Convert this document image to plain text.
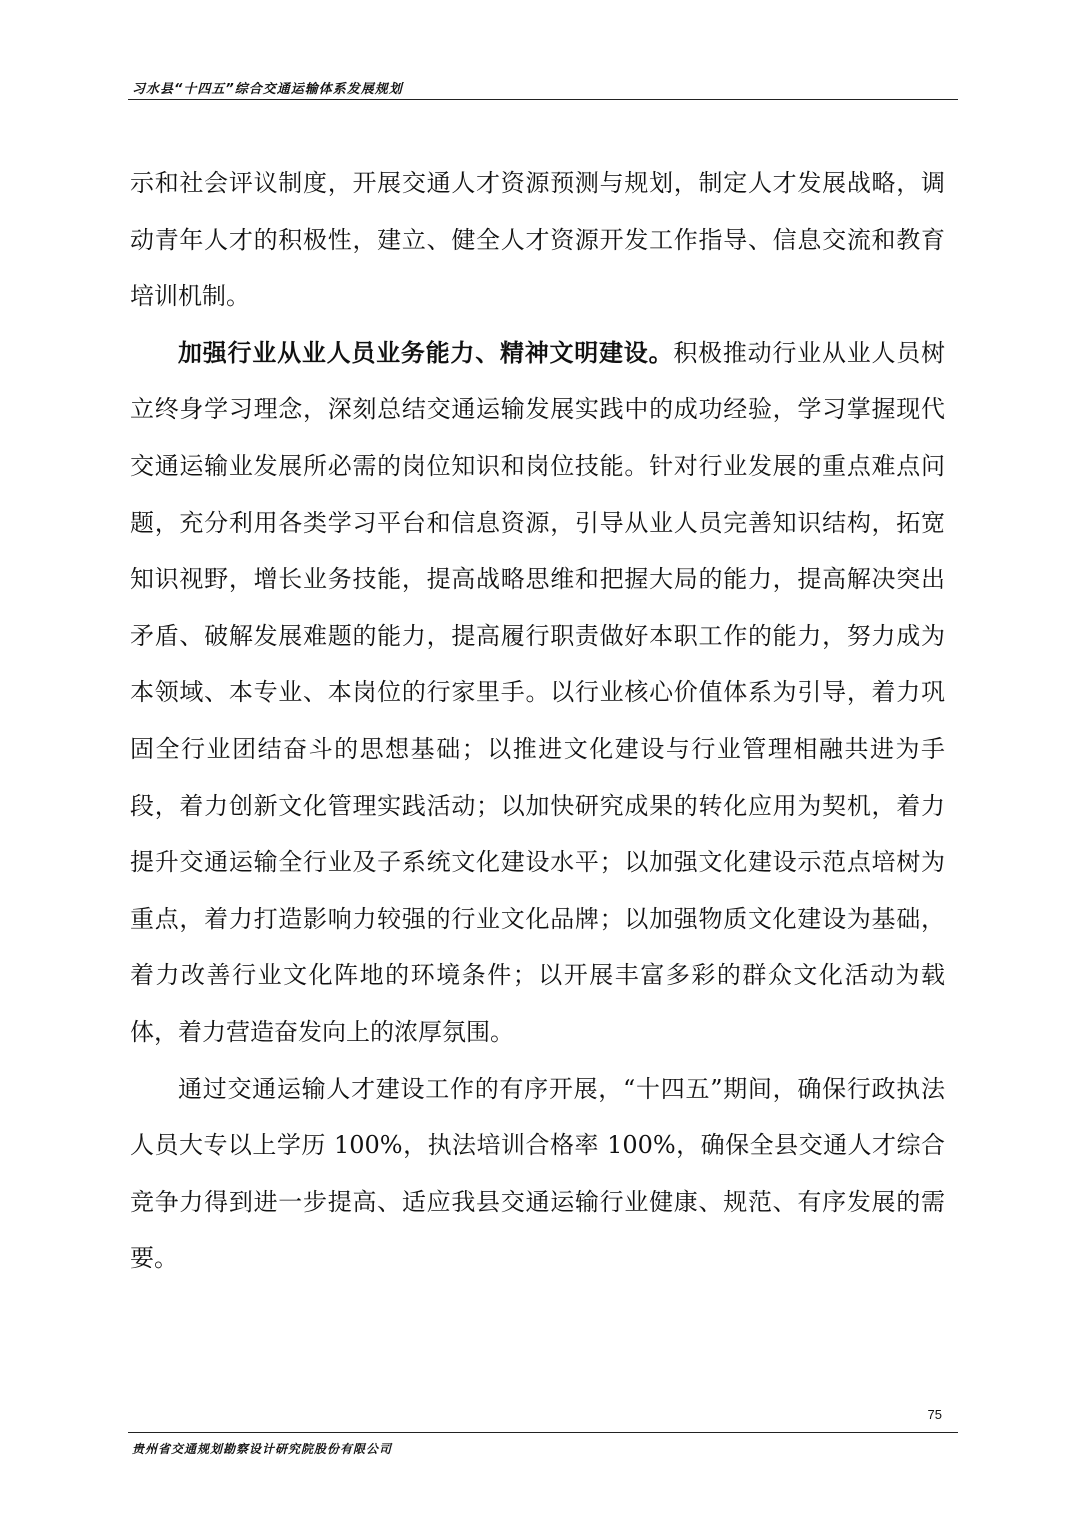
习水县“十四五”综合交通运输体系发展规划

示和社会评议制度，开展交通人才资源预测与规划，制定人才发展战略，调动青年人才的积极性，建立、健全人才资源开发工作指导、信息交流和教育培训机制。

加强行业从业人员业务能力、精神文明建设。积极推动行业从业人员树立终身学习理念，深刻总结交通运输发展实践中的成功经验，学习掌握现代交通运输业发展所必需的岗位知识和岗位技能。针对行业发展的重点难点问题，充分利用各类学习平台和信息资源，引导从业人员完善知识结构，拓宽知识视野，增长业务技能，提高战略思维和把握大局的能力，提高解决突出矛盾、破解发展难题的能力，提高履行职责做好本职工作的能力，努力成为本领域、本专业、本岗位的行家里手。以行业核心价值体系为引导，着力巩固全行业团结奋斗的思想基础；以推进文化建设与行业管理相融共进为手段，着力创新文化管理实践活动；以加快研究成果的转化应用为契机，着力提升交通运输全行业及子系统文化建设水平；以加强文化建设示范点培树为重点，着力打造影响力较强的行业文化品牌；以加强物质文化建设为基础，着力改善行业文化阵地的环境条件；以开展丰富多彩的群众文化活动为载体，着力营造奋发向上的浓厚氛围。

通过交通运输人才建设工作的有序开展，“十四五”期间，确保行政执法人员大专以上学历 100%，执法培训合格率 100%，确保全县交通人才综合竞争力得到进一步提高、适应我县交通运输行业健康、规范、有序发展的需要。

75
贵州省交通规划勘察设计研究院股份有限公司
